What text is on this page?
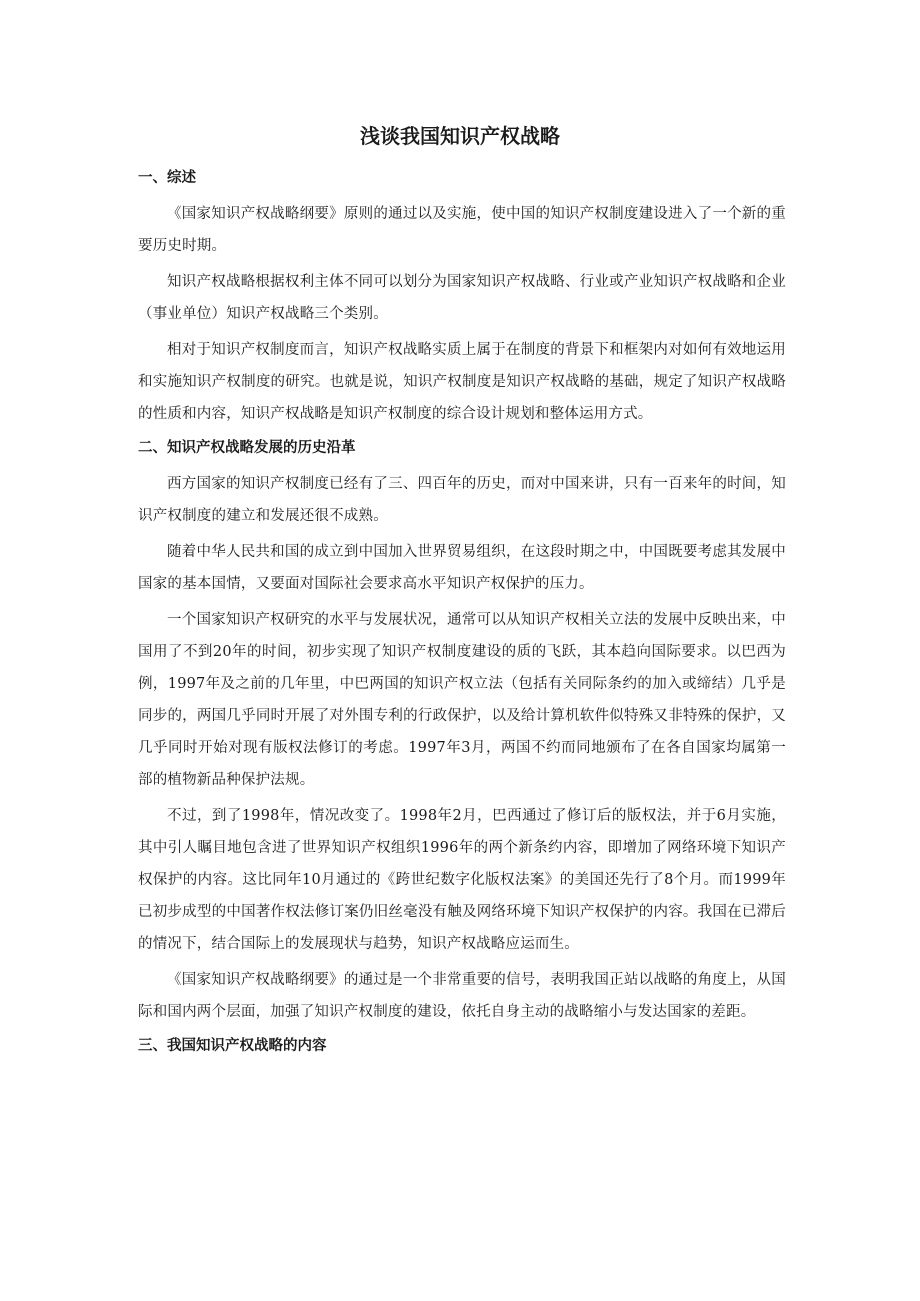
浅谈我国知识产权战略
一、综述

《国家知识产权战略纲要》原则的通过以及实施，使中国的知识产权制度建设进入了一个新的重要历史时期。

知识产权战略根据权利主体不同可以划分为国家知识产权战略、行业或产业知识产权战略和企业（事业单位）知识产权战略三个类别。

相对于知识产权制度而言，知识产权战略实质上属于在制度的背景下和框架内对如何有效地运用和实施知识产权制度的研究。也就是说，知识产权制度是知识产权战略的基础，规定了知识产权战略的性质和内容，知识产权战略是知识产权制度的综合设计规划和整体运用方式。

二、知识产权战略发展的历史沿革

西方国家的知识产权制度已经有了三、四百年的历史，而对中国来讲，只有一百来年的时间，知识产权制度的建立和发展还很不成熟。

随着中华人民共和国的成立到中国加入世界贸易组织，在这段时期之中，中国既要考虑其发展中国家的基本国情，又要面对国际社会要求高水平知识产权保护的压力。

一个国家知识产权研究的水平与发展状况，通常可以从知识产权相关立法的发展中反映出来，中国用了不到20年的时间，初步实现了知识产权制度建设的质的飞跃，其本趋向国际要求。以巴西为例，1997年及之前的几年里，中巴两国的知识产权立法（包括有关同际条约的加入或缔结）几乎是同步的，两国几乎同时开展了对外围专利的行政保护，以及给计算机软件似特殊又非特殊的保护，又几乎同时开始对现有版权法修订的考虑。1997年3月，两国不约而同地颁布了在各自国家均属第一部的植物新品种保护法规。

不过，到了1998年，情况改变了。1998年2月，巴西通过了修订后的版权法，并于6月实施，其中引人瞩目地包含进了世界知识产权组织1996年的两个新条约内容，即增加了网络环境下知识产权保护的内容。这比同年10月通过的《跨世纪数字化版权法案》的美国还先行了8个月。而1999年已初步成型的中国著作权法修订案仍旧丝毫没有触及网络环境下知识产权保护的内容。我国在已滞后的情况下，结合国际上的发展现状与趋势，知识产权战略应运而生。

《国家知识产权战略纲要》的通过是一个非常重要的信号，表明我国正站以战略的角度上，从国际和国内两个层面，加强了知识产权制度的建设，依托自身主动的战略缩小与发达国家的差距。

三、我国知识产权战略的内容
